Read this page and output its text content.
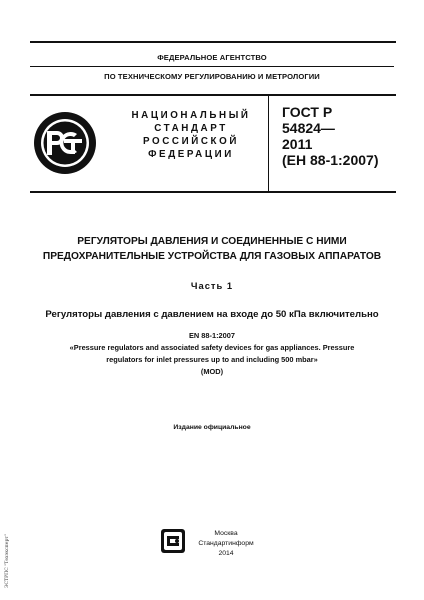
ФЕДЕРАЛЬНОЕ АГЕНТСТВО
ПО ТЕХНИЧЕСКОМУ РЕГУЛИРОВАНИЮ И МЕТРОЛОГИИ
НАЦИОНАЛЬНЫЙ
СТАНДАРТ
РОССИЙСКОЙ
ФЕДЕРАЦИИ
ГОСТ Р
54824—
2011
(ЕН 88-1:2007)
РЕГУЛЯТОРЫ ДАВЛЕНИЯ И СОЕДИНЕННЫЕ С НИМИ
ПРЕДОХРАНИТЕЛЬНЫЕ УСТРОЙСТВА ДЛЯ ГАЗОВЫХ АППАРАТОВ
Часть 1
Регуляторы давления с давлением на входе до 50 кПа включительно
EN 88-1:2007
«Pressure regulators and associated safety devices for gas appliances. Pressure
regulators for inlet pressures up to and including 500 mbar»
(MOD)
Издание официальное
Москва
Стандартинформ
2014
ЭСТРПС "Техэксперт"
